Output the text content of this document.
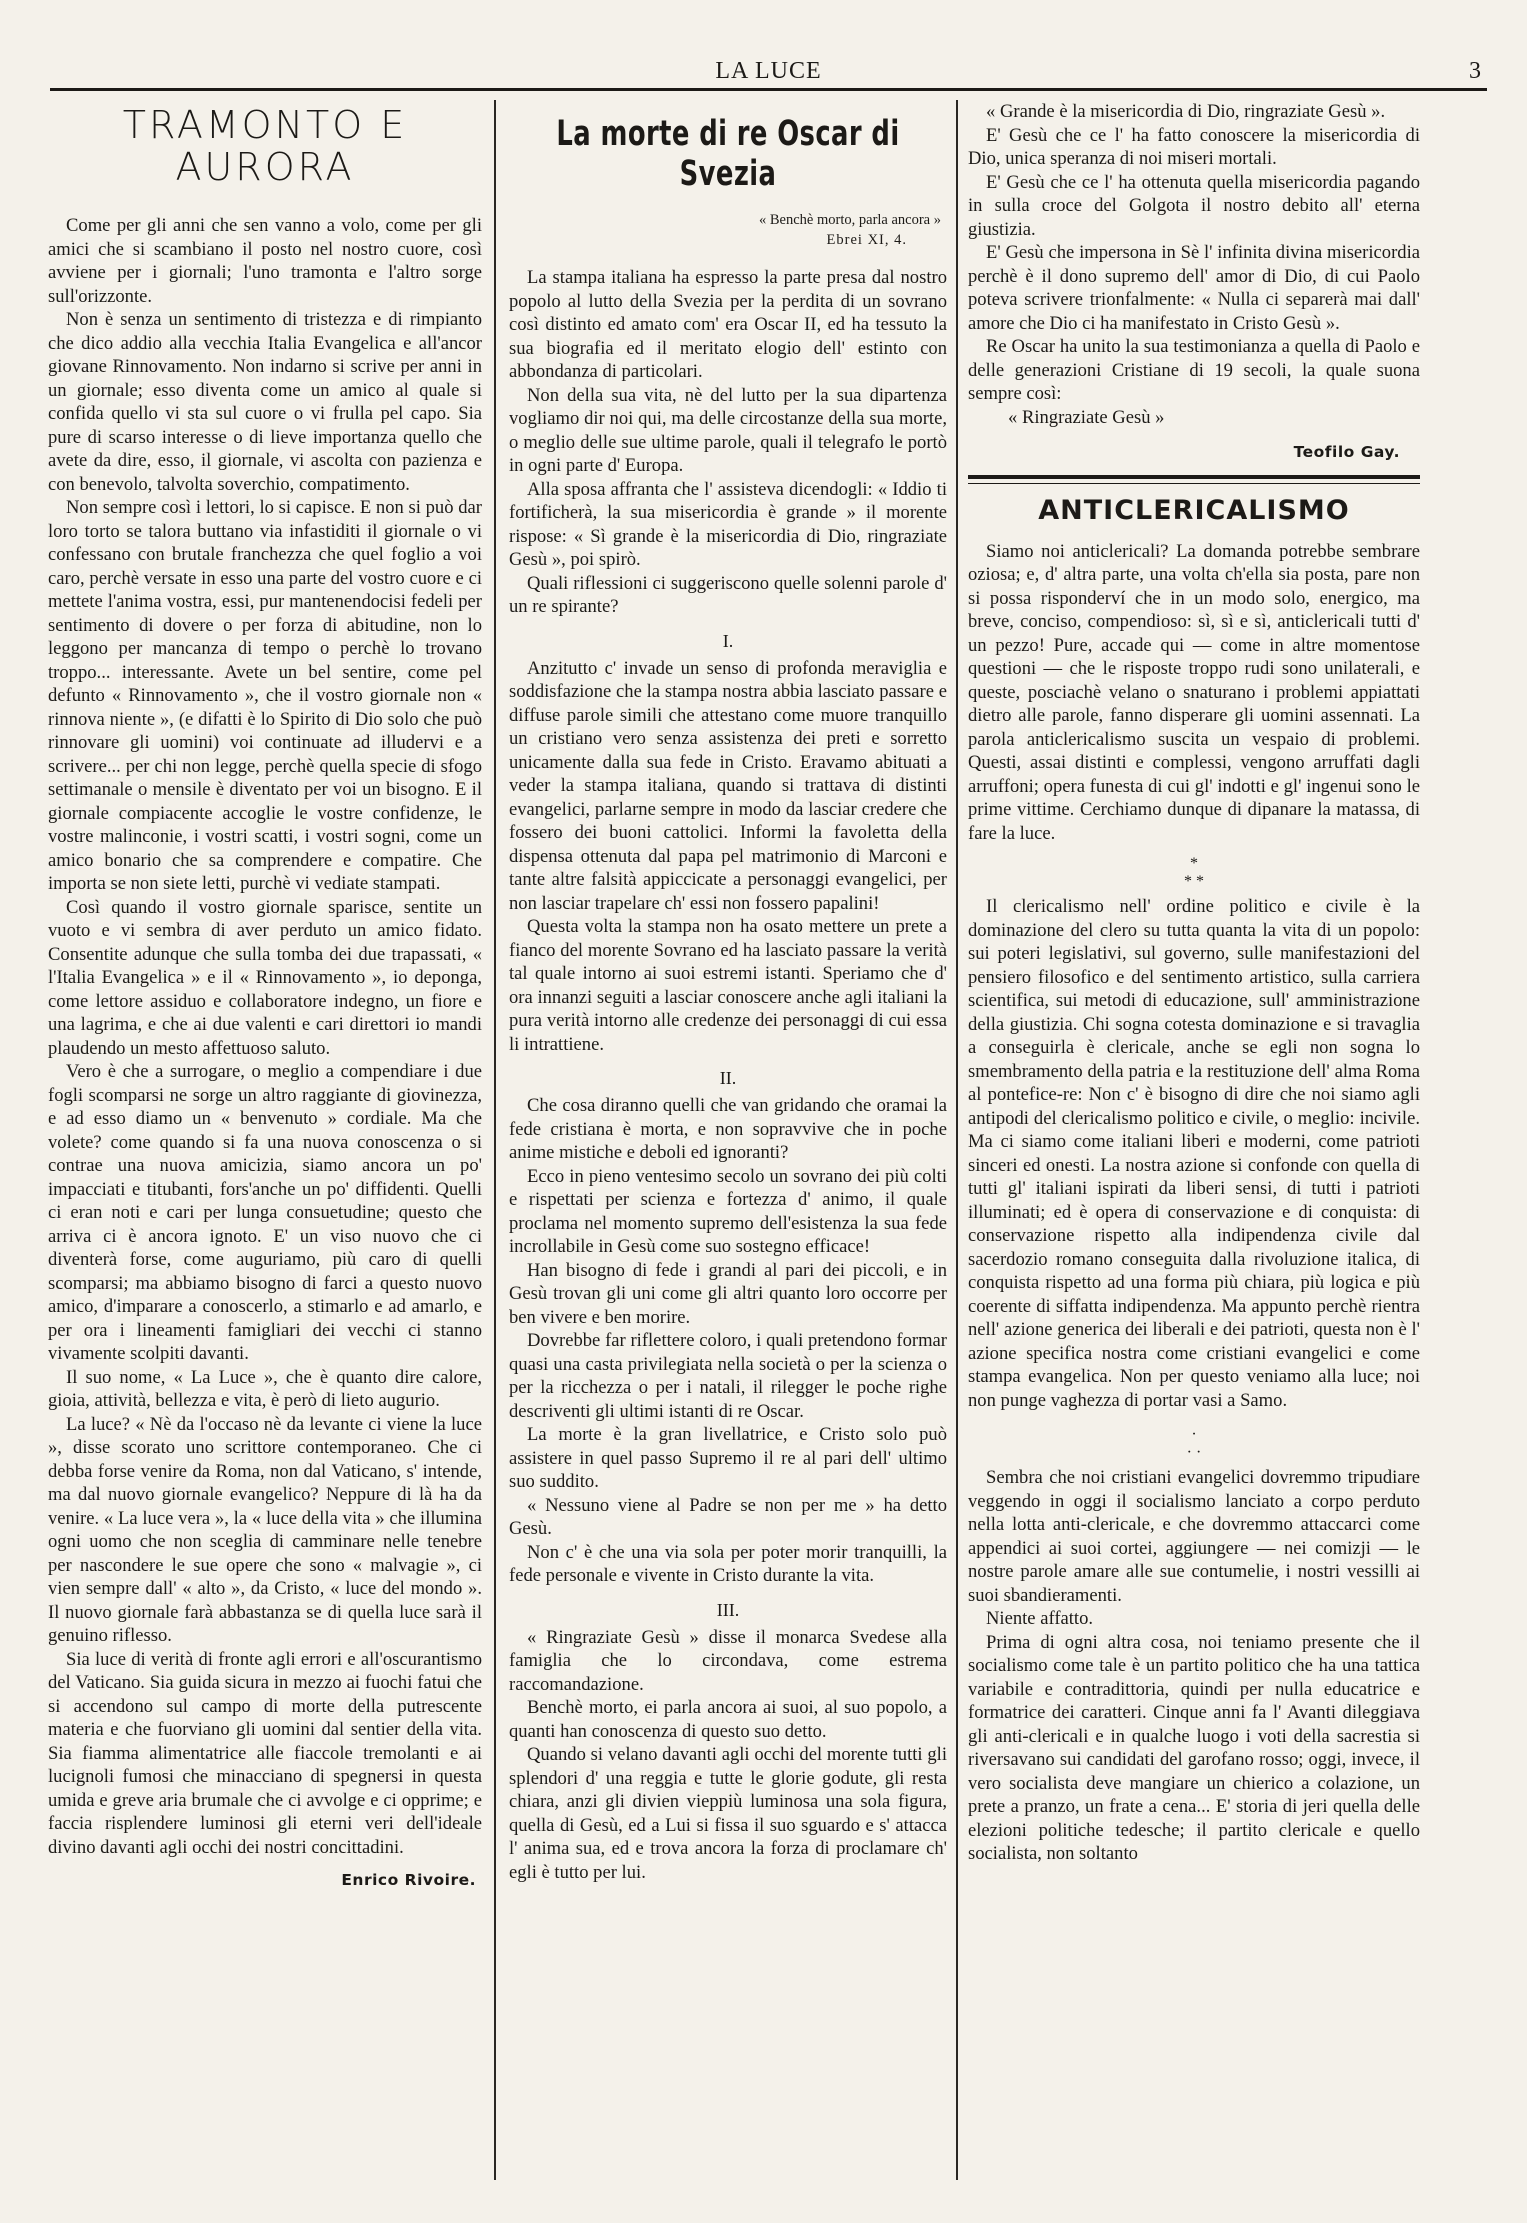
LA LUCE	3
TRAMONTO E AURORA

Come per gli anni che sen vanno a volo, come per gli amici che si scambiano il posto nel nostro cuore, così avviene per i giornali; l'uno tramonta e l'altro sorge sull'orizzonte.

Non è senza un sentimento di tristezza e di rimpianto che dico addio alla vecchia Italia Evangelica e all'ancor giovane Rinnovamento. Non indarno si scrive per anni in un giornale; esso diventa come un amico al quale si confida quello vi sta sul cuore o vi frulla pel capo. Sia pure di scarso interesse o di lieve importanza quello che avete da dire, esso, il giornale, vi ascolta con pazienza e con benevolo, talvolta soverchio, compatimento.

Non sempre così i lettori, lo si capisce. E non si può dar loro torto se talora buttano via infastiditi il giornale o vi confessano con brutale franchezza che quel foglio a voi caro, perchè versate in esso una parte del vostro cuore e ci mettete l'anima vostra, essi, pur mantenendocisi fedeli per sentimento di dovere o per forza di abitudine, non lo leggono per mancanza di tempo o perchè lo trovano troppo... interessante. Avete un bel sentire, come pel defunto « Rinnovamento », che il vostro giornale non « rinnova niente », (e difatti è lo Spirito di Dio solo che può rinnovare gli uomini) voi continuate ad illudervi e a scrivere... per chi non legge, perchè quella specie di sfogo settimanale o mensile è diventato per voi un bisogno. E il giornale compiacente accoglie le vostre confidenze, le vostre malinconie, i vostri scatti, i vostri sogni, come un amico bonario che sa comprendere e compatire. Che importa se non siete letti, purchè vi vediate stampati.

Così quando il vostro giornale sparisce, sentite un vuoto e vi sembra di aver perduto un amico fidato. Consentite adunque che sulla tomba dei due trapassati, « l'Italia Evangelica » e il « Rinnovamento », io deponga, come lettore assiduo e collaboratore indegno, un fiore e una lagrima, e che ai due valenti e cari direttori io mandi plaudendo un mesto affettuoso saluto.

Vero è che a surrogare, o meglio a compendiare i due fogli scomparsi ne sorge un altro raggiante di giovinezza, e ad esso diamo un « benvenuto » cordiale. Ma che volete? come quando si fa una nuova conoscenza o si contrae una nuova amicizia, siamo ancora un po' impacciati e titubanti, fors'anche un po' diffidenti. Quelli ci eran noti e cari per lunga consuetudine; questo che arriva ci è ancora ignoto. E' un viso nuovo che ci diventerà forse, come auguriamo, più caro di quelli scomparsi; ma abbiamo bisogno di farci a questo nuovo amico, d'imparare a conoscerlo, a stimarlo e ad amarlo, e per ora i lineamenti famigliari dei vecchi ci stanno vivamente scolpiti davanti.

Il suo nome, « La Luce », che è quanto dire calore, gioia, attività, bellezza e vita, è però di lieto augurio.

La luce? « Nè da l'occaso nè da levante ci viene la luce », disse scorato uno scrittore contemporaneo. Che ci debba forse venire da Roma, non dal Vaticano, s' intende, ma dal nuovo giornale evangelico? Neppure di là ha da venire. « La luce vera », la « luce della vita » che illumina ogni uomo che non sceglia di camminare nelle tenebre per nascondere le sue opere che sono « malvagie », ci vien sempre dall' « alto », da Cristo, « luce del mondo ». Il nuovo giornale farà abbastanza se di quella luce sarà il genuino riflesso.

Sia luce di verità di fronte agli errori e all'oscurantismo del Vaticano. Sia guida sicura in mezzo ai fuochi fatui che si accendono sul campo di morte della putrescente materia e che fuorviano gli uomini dal sentier della vita. Sia fiamma alimentatrice alle fiaccole tremolanti e ai lucignoli fumosi che minacciano di spegnersi in questa umida e greve aria brumale che ci avvolge e ci opprime; e faccia risplendere luminosi gli eterni veri dell'ideale divino davanti agli occhi dei nostri concittadini.

Enrico Rivoire.
La morte di re Oscar di Svezia
« Benchè morto, parla ancora »
Ebrei XI, 4.

La stampa italiana ha espresso la parte presa dal nostro popolo al lutto della Svezia per la perdita di un sovrano così distinto ed amato com' era Oscar II, ed ha tessuto la sua biografia ed il meritato elogio dell' estinto con abbondanza di particolari.

Non della sua vita, nè del lutto per la sua dipartenza vogliamo dir noi qui, ma delle circostanze della sua morte, o meglio delle sue ultime parole, quali il telegrafo le portò in ogni parte d' Europa.

Alla sposa affranta che l' assisteva dicendogli: « Iddio ti fortificherà, la sua misericordia è grande » il morente rispose: « Sì grande è la misericordia di Dio, ringraziate Gesù », poi spirò.

Quali riflessioni ci suggeriscono quelle solenni parole d' un re spirante?

I.

Anzitutto c' invade un senso di profonda meraviglia e soddisfazione che la stampa nostra abbia lasciato passare e diffuse parole simili che attestano come muore tranquillo un cristiano vero senza assistenza dei preti e sorretto unicamente dalla sua fede in Cristo. Eravamo abituati a veder la stampa italiana, quando si trattava di distinti evangelici, parlarne sempre in modo da lasciar credere che fossero dei buoni cattolici. Informi la favoletta della dispensa ottenuta dal papa pel matrimonio di Marconi e tante altre falsità appiccicate a personaggi evangelici, per non lasciar trapelare ch' essi non fossero papalini!

Questa volta la stampa non ha osato mettere un prete a fianco del morente Sovrano ed ha lasciato passare la verità tal quale intorno ai suoi estremi istanti. Speriamo che d' ora innanzi seguiti a lasciar conoscere anche agli italiani la pura verità intorno alle credenze dei personaggi di cui essa li intrattiene.

II.

Che cosa diranno quelli che van gridando che oramai la fede cristiana è morta, e non sopravvive che in poche anime mistiche e deboli ed ignoranti?

Ecco in pieno ventesimo secolo un sovrano dei più colti e rispettati per scienza e fortezza d' animo, il quale proclama nel momento supremo dell'esistenza la sua fede incrollabile in Gesù come suo sostegno efficace!

Han bisogno di fede i grandi al pari dei piccoli, e in Gesù trovan gli uni come gli altri quanto loro occorre per ben vivere e ben morire.

Dovrebbe far riflettere coloro, i quali pretendono formar quasi una casta privilegiata nella società o per la scienza o per la ricchezza o per i natali, il rilegger le poche righe descriventi gli ultimi istanti di re Oscar.

La morte è la gran livellatrice, e Cristo solo può assistere in quel passo Supremo il re al pari dell' ultimo suo suddito.

« Nessuno viene al Padre se non per me » ha detto Gesù.

Non c' è che una via sola per poter morir tranquilli, la fede personale e vivente in Cristo durante la vita.

III.

« Ringraziate Gesù » disse il monarca Svedese alla famiglia che lo circondava, come estrema raccomandazione.

Benchè morto, ei parla ancora ai suoi, al suo popolo, a quanti han conoscenza di questo suo detto.

Quando si velano davanti agli occhi del morente tutti gli splendori d' una reggia e tutte le glorie godute, gli resta chiara, anzi gli divien vieppiù luminosa una sola figura, quella di Gesù, ed a Lui si fissa il suo sguardo e s' attacca l' anima sua, ed e trova ancora la forza di proclamare ch' egli è tutto per lui.

« Grande è la misericordia di Dio, ringraziate Gesù ».

E' Gesù che ce l' ha fatto conoscere la misericordia di Dio, unica speranza di noi miseri mortali.

E' Gesù che ce l' ha ottenuta quella misericordia pagando in sulla croce del Golgota il nostro debito all' eterna giustizia.

E' Gesù che impersona in Sè l' infinita divina misericordia perchè è il dono supremo dell' amor di Dio, di cui Paolo poteva scrivere trionfalmente: « Nulla ci separerà mai dall' amore che Dio ci ha manifestato in Cristo Gesù ».

Re Oscar ha unito la sua testimonianza a quella di Paolo e delle generazioni Cristiane di 19 secoli, la quale suona sempre così:

« Ringraziate Gesù »

Teofilo Gay.
ANTICLERICALISMO

Siamo noi anticlericali? La domanda potrebbe sembrare oziosa; e, d' altra parte, una volta ch'ella sia posta, pare non si possa risponderví che in un modo solo, energico, ma breve, conciso, compendioso: sì, sì e sì, anticlericali tutti d' un pezzo! Pure, accade qui — come in altre momentose questioni — che le risposte troppo rudi sono unilaterali, e queste, posciachè velano o snaturano i problemi appiattati dietro alle parole, fanno disperare gli uomini assennati. La parola anticlericalismo suscita un vespaio di problemi. Questi, assai distinti e complessi, vengono arruffati dagli arruffoni; opera funesta di cui gl' indotti e gl' ingenui sono le prime vittime. Cerchiamo dunque di dipanare la matassa, di fare la luce.

*
* *

Il clericalismo nell' ordine politico e civile è la dominazione del clero su tutta quanta la vita di un popolo: sui poteri legislativi, sul governo, sulle manifestazioni del pensiero filosofico e del sentimento artistico, sulla carriera scientifica, sui metodi di educazione, sull' amministrazione della giustizia. Chi sogna cotesta dominazione e si travaglia a conseguirla è clericale, anche se egli non sogna lo smembramento della patria e la restituzione dell' alma Roma al pontefice-re: Non c' è bisogno di dire che noi siamo agli antipodi del clericalismo politico e civile, o meglio: incivile. Ma ci siamo come italiani liberi e moderni, come patrioti sinceri ed onesti. La nostra azione si confonde con quella di tutti gl' italiani ispirati da liberi sensi, di tutti i patrioti illuminati; ed è opera di conservazione e di conquista: di conservazione rispetto alla indipendenza civile dal sacerdozio romano conseguita dalla rivoluzione italica, di conquista rispetto ad una forma più chiara, più logica e più coerente di siffatta indipendenza. Ma appunto perchè rientra nell' azione generica dei liberali e dei patrioti, questa non è l' azione specifica nostra come cristiani evangelici e come stampa evangelica. Non per questo veniamo alla luce; noi non punge vaghezza di portar vasi a Samo.

·
· ·

Sembra che noi cristiani evangelici dovremmo tripudiare veggendo in oggi il socialismo lanciato a corpo perduto nella lotta anti-clericale, e che dovremmo attaccarci come appendici ai suoi cortei, aggiungere — nei comizji — le nostre parole amare alle sue contumelie, i nostri vessilli ai suoi sbandieramenti.

Niente affatto.

Prima di ogni altra cosa, noi teniamo presente che il socialismo come tale è un partito politico che ha una tattica variabile e contradittoria, quindi per nulla educatrice e formatrice dei caratteri. Cinque anni fa l' Avanti dileggiava gli anti-clericali e in qualche luogo i voti della sacrestia si riversavano sui candidati del garofano rosso; oggi, invece, il vero socialista deve mangiare un chierico a colazione, un prete a pranzo, un frate a cena... E' storia di jeri quella delle elezioni politiche tedesche; il partito clericale e quello socialista, non soltanto
